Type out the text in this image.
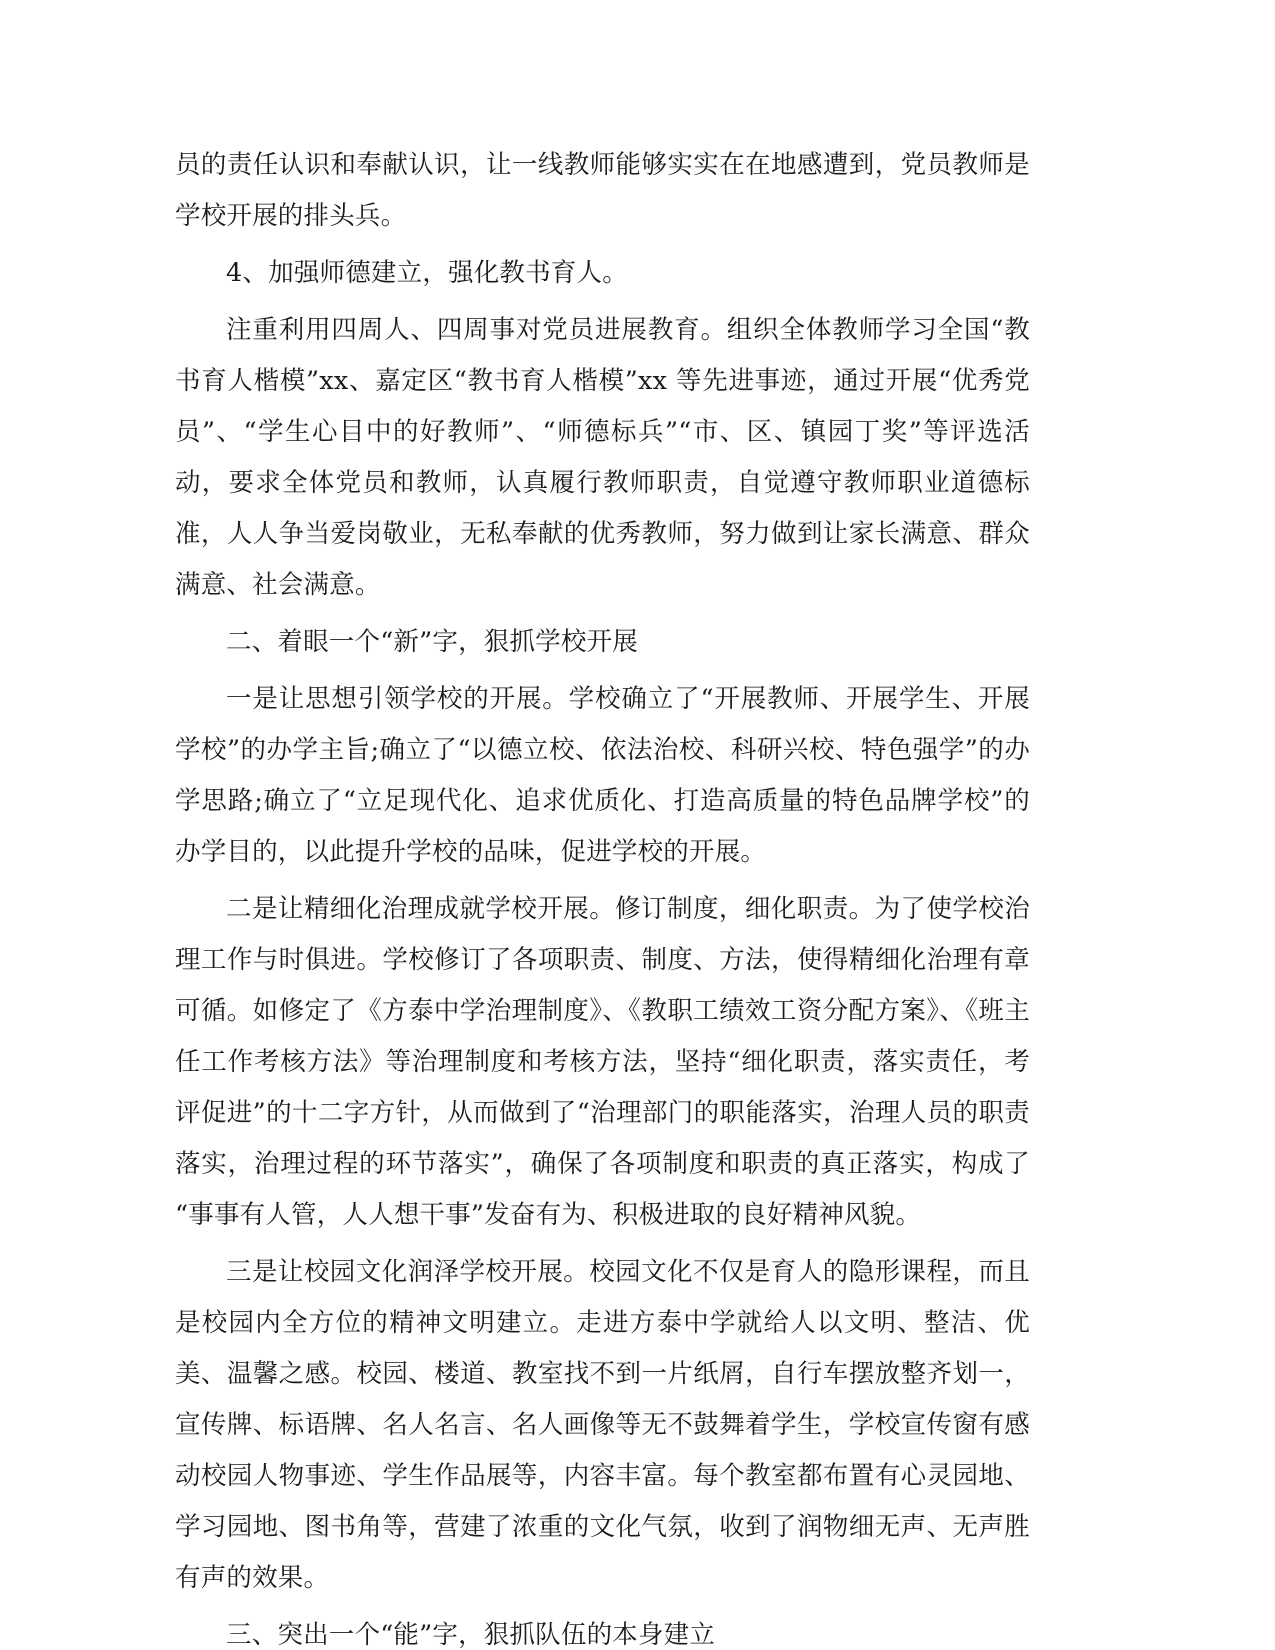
员的责任认识和奉献认识，让一线教师能够实实在在地感遭到，党员教师是学校开展的排头兵。

4、加强师德建立，强化教书育人。

注重利用四周人、四周事对党员进展教育。组织全体教师学习全国“教书育人楷模”xx、嘉定区“教书育人楷模”xx 等先进事迹，通过开展“优秀党员”、“学生心目中的好教师”、“师德标兵”“市、区、镇园丁奖”等评选活动，要求全体党员和教师，认真履行教师职责，自觉遵守教师职业道德标准，人人争当爱岗敬业，无私奉献的优秀教师，努力做到让家长满意、群众满意、社会满意。

二、着眼一个“新”字，狠抓学校开展

一是让思想引领学校的开展。学校确立了“开展教师、开展学生、开展学校”的办学主旨;确立了“以德立校、依法治校、科研兴校、特色强学”的办学思路;确立了“立足现代化、追求优质化、打造高质量的特色品牌学校”的办学目的，以此提升学校的品味，促进学校的开展。

二是让精细化治理成就学校开展。修订制度，细化职责。为了使学校治理工作与时俱进。学校修订了各项职责、制度、方法，使得精细化治理有章可循。如修定了《方泰中学治理制度》、《教职工绩效工资分配方案》、《班主任工作考核方法》等治理制度和考核方法，坚持“细化职责，落实责任，考评促进”的十二字方针，从而做到了“治理部门的职能落实，治理人员的职责落实，治理过程的环节落实”，确保了各项制度和职责的真正落实，构成了“事事有人管，人人想干事”发奋有为、积极进取的良好精神风貌。

三是让校园文化润泽学校开展。校园文化不仅是育人的隐形课程，而且是校园内全方位的精神文明建立。走进方泰中学就给人以文明、整洁、优美、温馨之感。校园、楼道、教室找不到一片纸屑，自行车摆放整齐划一，宣传牌、标语牌、名人名言、名人画像等无不鼓舞着学生，学校宣传窗有感动校园人物事迹、学生作品展等，内容丰富。每个教室都布置有心灵园地、学习园地、图书角等，营建了浓重的文化气氛，收到了润物细无声、无声胜有声的效果。

三、突出一个“能”字，狠抓队伍的本身建立
